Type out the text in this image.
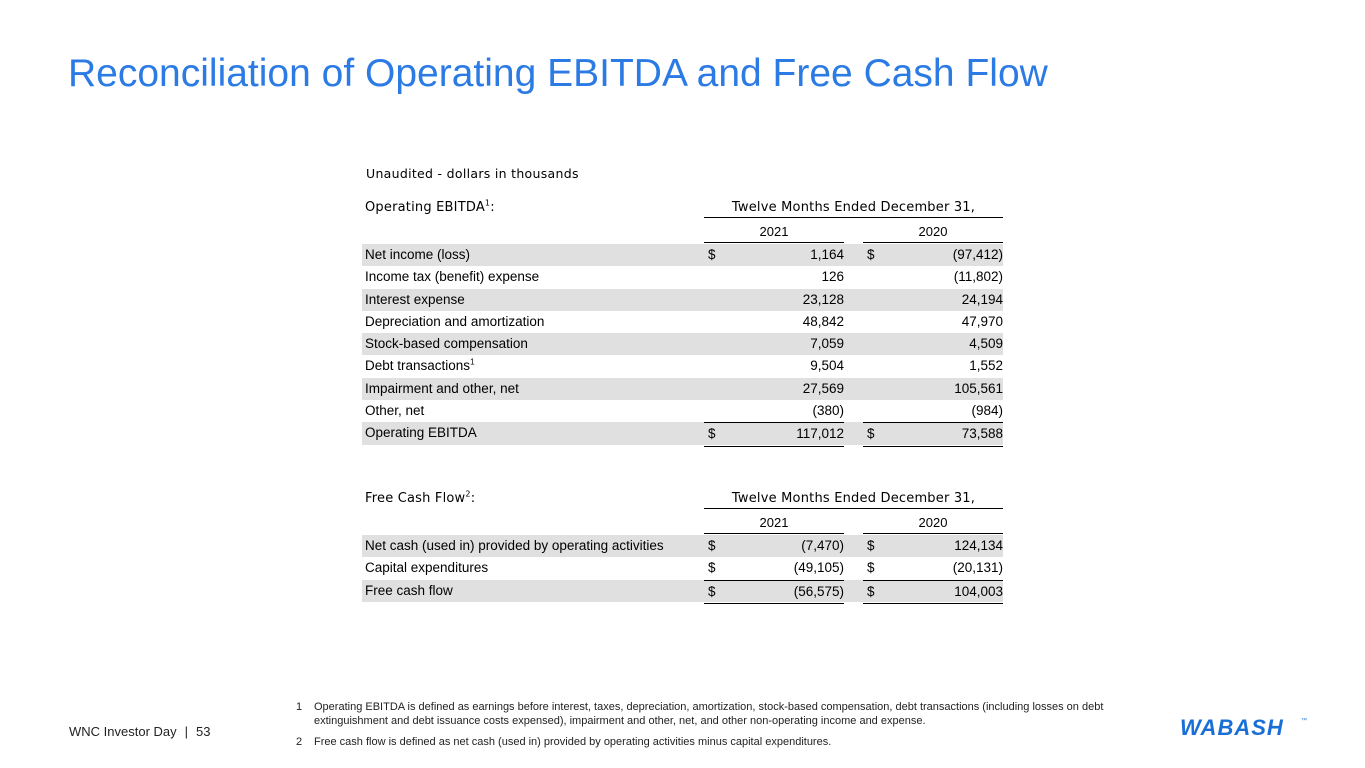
Reconciliation of Operating EBITDA and Free Cash Flow
Unaudited - dollars in thousands
Operating EBITDA$^1$:	Twelve Months Ended December 31,
2021	2020
Net income (loss)	$	1,164 $	(97,412)
Income tax (benefit) expense	126	(11,802)
Interest expense	23,128	24,194
Depreciation and amortization	48,842	47,970
Stock-based compensation	7,059	4,509
Debt transactions$^1$	9,504	1,552
Impairment and other, net	27,569	105,561
Other, net	(380)	(984)
Operating EBITDA	$	117,012 $	73,588
Free Cash Flow$^2$:	Twelve Months Ended December 31,
2021	2020
Net cash (used in) provided by operating activities	$	(7,470) $	124,134
Capital expenditures	$	(49,105) $	(20,131)
Free cash flow	$	(56,575) $	104,003
1 Operating EBITDA is defined as earnings before interest, taxes, depreciation, amortization, stock-based compensation, debt transactions (including losses on debt extinguishment and debt issuance costs expensed), impairment and other, net, and other non-operating income and expense.
2 Free cash flow is defined as net cash (used in) provided by operating activities minus capital expenditures.
WNC Investor Day | 53	WABASH	™
